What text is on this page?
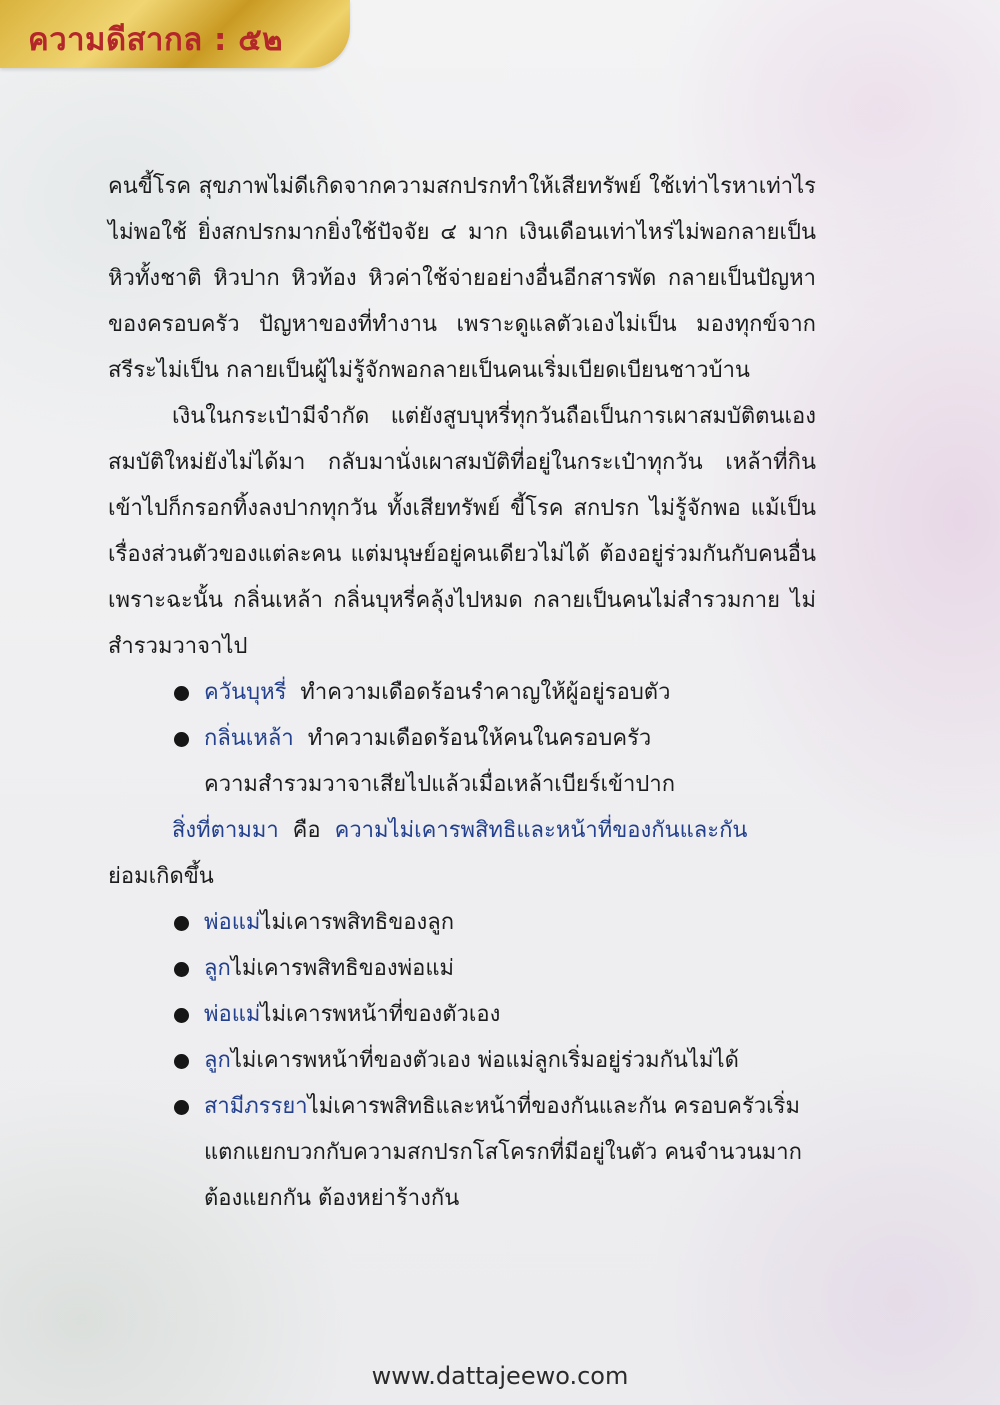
ความดีสากล : ๕๒

คนขี้โรค สุขภาพไม่ดีเกิดจากความสกปรกทำให้เสียทรัพย์ ใช้เท่าไรหาเท่าไรไม่พอใช้ ยิ่งสกปรกมากยิ่งใช้ปัจจัย ๔ มาก เงินเดือนเท่าไหร่ไม่พอกลายเป็นหิวทั้งชาติ หิวปาก หิวท้อง หิวค่าใช้จ่ายอย่างอื่นอีกสารพัด กลายเป็นปัญหาของครอบครัว ปัญหาของที่ทำงาน เพราะดูแลตัวเองไม่เป็น มองทุกข์จากสรีระไม่เป็น กลายเป็นผู้ไม่รู้จักพอกลายเป็นคนเริ่มเบียดเบียนชาวบ้าน

เงินในกระเป๋ามีจำกัด แต่ยังสูบบุหรี่ทุกวันถือเป็นการเผาสมบัติตนเอง สมบัติใหม่ยังไม่ได้มา กลับมานั่งเผาสมบัติที่อยู่ในกระเป๋าทุกวัน เหล้าที่กินเข้าไปก็กรอกทิ้งลงปากทุกวัน ทั้งเสียทรัพย์ ขี้โรค สกปรก ไม่รู้จักพอ แม้เป็นเรื่องส่วนตัวของแต่ละคน แต่มนุษย์อยู่คนเดียวไม่ได้ ต้องอยู่ร่วมกันกับคนอื่น เพราะฉะนั้น กลิ่นเหล้า กลิ่นบุหรี่คลุ้งไปหมด กลายเป็นคนไม่สำรวมกาย ไม่สำรวมวาจาไป

ควันบุหรี่ ทำความเดือดร้อนรำคาญให้ผู้อยู่รอบตัว
กลิ่นเหล้า ทำความเดือดร้อนให้คนในครอบครัว
ความสำรวมวาจาเสียไปแล้วเมื่อเหล้าเบียร์เข้าปาก

สิ่งที่ตามมา คือ ความไม่เคารพสิทธิและหน้าที่ของกันและกัน
ย่อมเกิดขึ้น

พ่อแม่ไม่เคารพสิทธิของลูก
ลูกไม่เคารพสิทธิของพ่อแม่
พ่อแม่ไม่เคารพหน้าที่ของตัวเอง
ลูกไม่เคารพหน้าที่ของตัวเอง พ่อแม่ลูกเริ่มอยู่ร่วมกันไม่ได้
สามีภรรยาไม่เคารพสิทธิและหน้าที่ของกันและกัน ครอบครัวเริ่มแตกแยกบวกกับความสกปรกโสโครกที่มีอยู่ในตัว คนจำนวนมากต้องแยกกัน ต้องหย่าร้างกัน
www.dattajeewo.com
